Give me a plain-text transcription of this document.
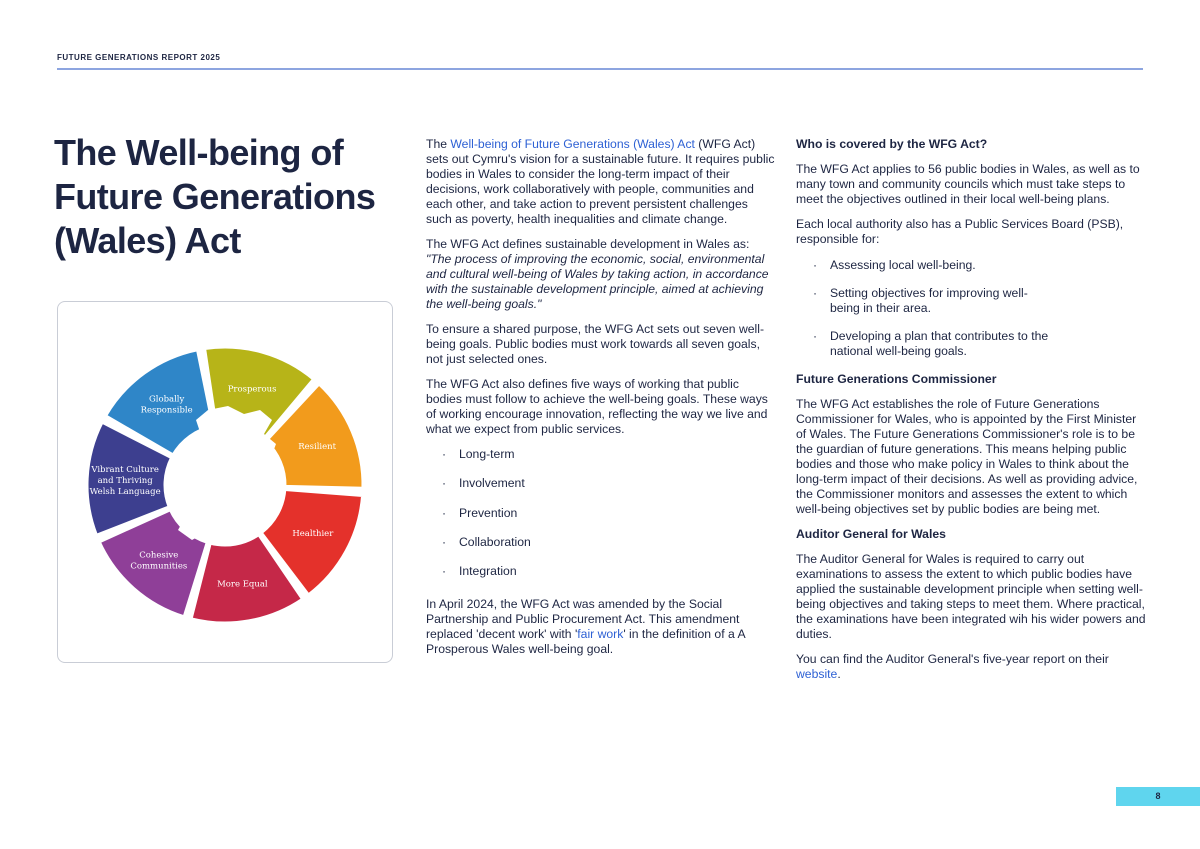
FUTURE GENERATIONS REPORT 2025
The Well-being of Future Generations (Wales) Act
Prosperous
Resilient
Healthier
More Equal
Cohesive Communities
Vibrant Culture and Thriving Welsh Language
Globally Responsible

The Well-being of Future Generations (Wales) Act (WFG Act) sets out Cymru's vision for a sustainable future. It requires public bodies in Wales to consider the long-term impact of their decisions, work collaboratively with people, communities and each other, and take action to prevent persistent challenges such as poverty, health inequalities and climate change.

The WFG Act defines sustainable development in Wales as: "The process of improving the economic, social, environmental and cultural well-being of Wales by taking action, in accordance with the sustainable development principle, aimed at achieving the well-being goals."

To ensure a shared purpose, the WFG Act sets out seven well-being goals. Public bodies must work towards all seven goals, not just selected ones.

The WFG Act also defines five ways of working that public bodies must follow to achieve the well-being goals. These ways of working encourage innovation, reflecting the way we live and what we expect from public services.

· Long-term
· Involvement
· Prevention
· Collaboration
· Integration

In April 2024, the WFG Act was amended by the Social Partnership and Public Procurement Act. This amendment replaced 'decent work' with 'fair work' in the definition of a A Prosperous Wales well-being goal.

Who is covered by the WFG Act?

The WFG Act applies to 56 public bodies in Wales, as well as to many town and community councils which must take steps to meet the objectives outlined in their local well-being plans.

Each local authority also has a Public Services Board (PSB), responsible for:

· Assessing local well-being.
· Setting objectives for improving well-being in their area.
· Developing a plan that contributes to the national well-being goals.
Future Generations Commissioner

The WFG Act establishes the role of Future Generations Commissioner for Wales, who is appointed by the First Minister of Wales. The Future Generations Commissioner's role is to be the guardian of future generations. This means helping public bodies and those who make policy in Wales to think about the long-term impact of their decisions. As well as providing advice, the Commissioner monitors and assesses the extent to which well-being objectives set by public bodies are being met.

Auditor General for Wales

The Auditor General for Wales is required to carry out examinations to assess the extent to which public bodies have applied the sustainable development principle when setting well-being objectives and taking steps to meet them. Where practical, the examinations have been integrated wih his wider powers and duties.

You can find the Auditor General's five-year report on their website.

8
